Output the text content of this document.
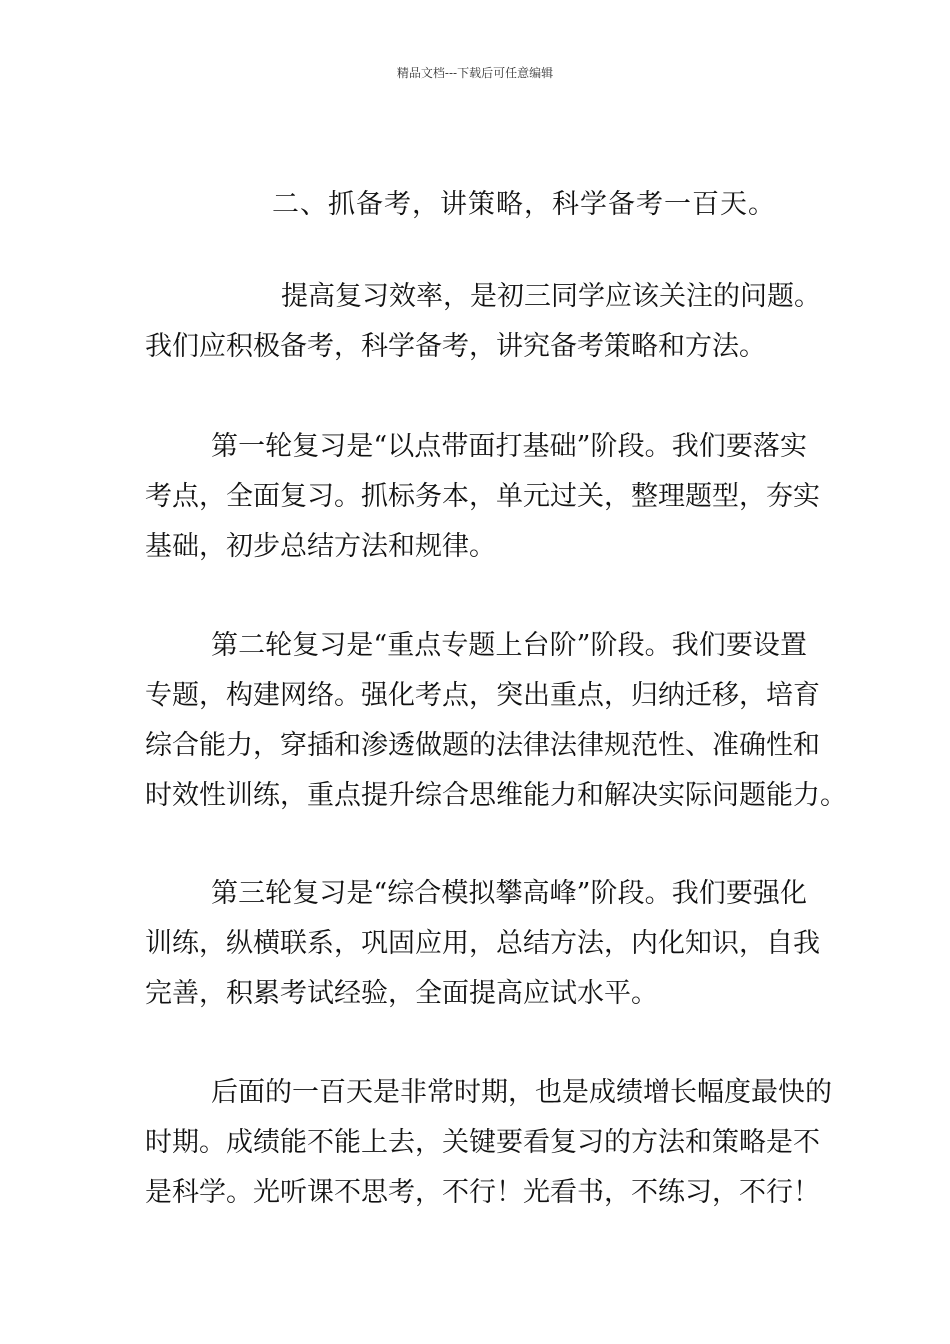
精品文档---下载后可任意编辑
二、抓备考，讲策略，科学备考一百天。
提高复习效率，是初三同学应该关注的问题。
我们应积极备考，科学备考，讲究备考策略和方法。
第一轮复习是“以点带面打基础”阶段。我们要落实
考点，全面复习。抓标务本，单元过关，整理题型，夯实
基础，初步总结方法和规律。
第二轮复习是“重点专题上台阶”阶段。我们要设置
专题，构建网络。强化考点，突出重点，归纳迁移，培育
综合能力，穿插和渗透做题的法律法律规范性、准确性和
时效性训练，重点提升综合思维能力和解决实际问题能力。
第三轮复习是“综合模拟攀高峰”阶段。我们要强化
训练，纵横联系，巩固应用，总结方法，内化知识，自我
完善，积累考试经验，全面提高应试水平。
后面的一百天是非常时期，也是成绩增长幅度最快的
时期。成绩能不能上去，关键要看复习的方法和策略是不
是科学。光听课不思考，不行！光看书，不练习，不行！
